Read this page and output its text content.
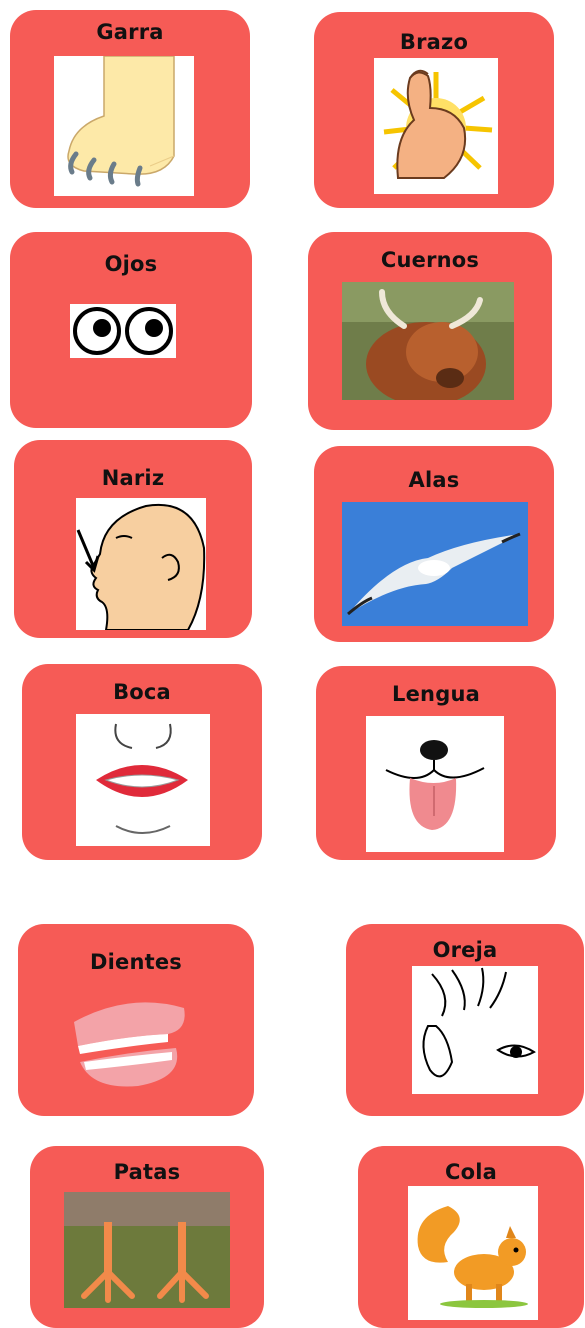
Garra	Brazo
Ojos	Cuernos
Nariz	Alas
Boca	Lengua
Dientes	Oreja
Patas	Cola
